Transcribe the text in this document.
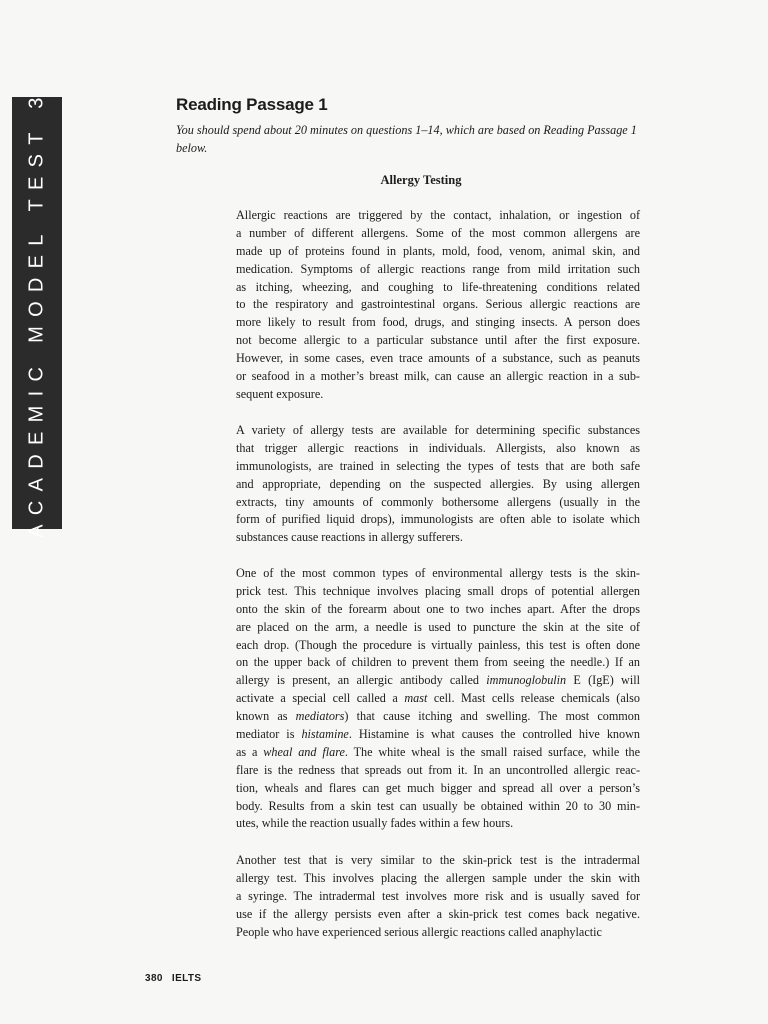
ACADEMIC MODEL TEST 3	Reading Passage 1

You should spend about 20 minutes on questions 1–14, which are based on Reading Passage 1 below.

Allergy Testing
Allergic reactions are triggered by the contact, inhalation, or ingestion of
a number of different allergens. Some of the most common allergens are
made up of proteins found in plants, mold, food, venom, animal skin, and
medication. Symptoms of allergic reactions range from mild irritation such
as itching, wheezing, and coughing to life-threatening conditions related
to the respiratory and gastrointestinal organs. Serious allergic reactions are
more likely to result from food, drugs, and stinging insects. A person does
not become allergic to a particular substance until after the first exposure.
However, in some cases, even trace amounts of a substance, such as peanuts
or seafood in a mother’s breast milk, can cause an allergic reaction in a sub-
sequent exposure.
A variety of allergy tests are available for determining specific substances
that trigger allergic reactions in individuals. Allergists, also known as
immunologists, are trained in selecting the types of tests that are both safe
and appropriate, depending on the suspected allergies. By using allergen
extracts, tiny amounts of commonly bothersome allergens (usually in the
form of purified liquid drops), immunologists are often able to isolate which
substances cause reactions in allergy sufferers.
One of the most common types of environmental allergy tests is the skin-
prick test. This technique involves placing small drops of potential allergen
onto the skin of the forearm about one to two inches apart. After the drops
are placed on the arm, a needle is used to puncture the skin at the site of
each drop. (Though the procedure is virtually painless, this test is often done
on the upper back of children to prevent them from seeing the needle.) If an
allergy is present, an allergic antibody called immunoglobulin E (IgE) will
activate a special cell called a mast cell. Mast cells release chemicals (also
known as mediators) that cause itching and swelling. The most common
mediator is histamine. Histamine is what causes the controlled hive known
as a wheal and flare. The white wheal is the small raised surface, while the
flare is the redness that spreads out from it. In an uncontrolled allergic reac-
tion, wheals and flares can get much bigger and spread all over a person’s
body. Results from a skin test can usually be obtained within 20 to 30 min-
utes, while the reaction usually fades within a few hours.
Another test that is very similar to the skin-prick test is the intradermal
allergy test. This involves placing the allergen sample under the skin with
a syringe. The intradermal test involves more risk and is usually saved for
use if the allergy persists even after a skin-prick test comes back negative.
People who have experienced serious allergic reactions called anaphylactic
380 IELTS
